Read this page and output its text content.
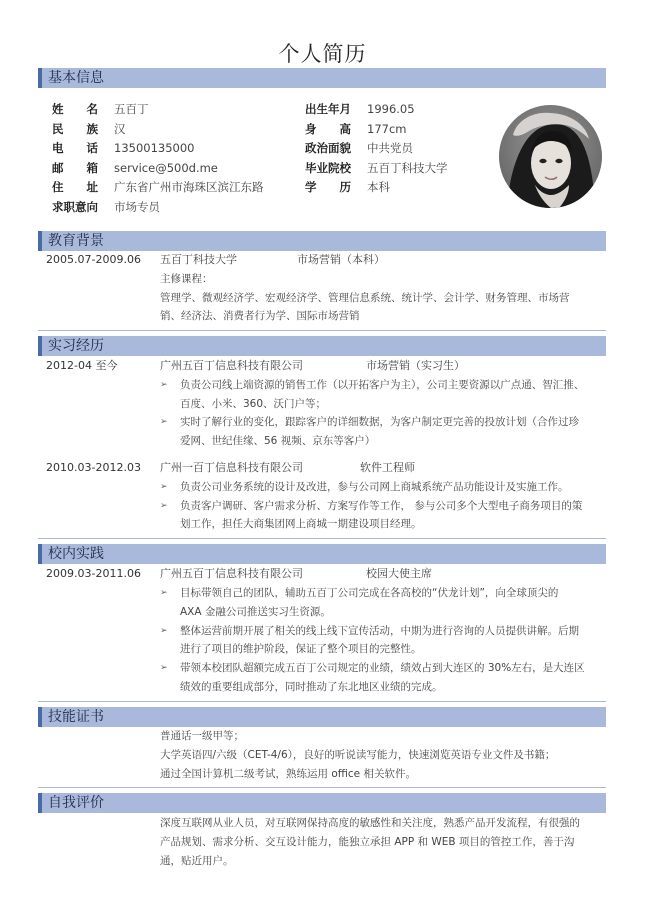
个人简历
基本信息
姓　　名 五百丁
民　　族 汉
电　　话 13500135000
邮　　箱 service@500d.me
住　　址 广东省广州市海珠区滨江东路
求职意向 市场专员
出生年月 1996.05
身　　高 177cm
政治面貌 中共党员
毕业院校 五百丁科技大学
学　　历 本科
教育背景
2005.07-2009.06 五百丁科技大学	市场营销（本科）
主修课程：
管理学、微观经济学、宏观经济学、管理信息系统、统计学、会计学、财务管理、市场营
销、经济法、消费者行为学、国际市场营销
实习经历
2012-04 至今	广州五百丁信息科技有限公司	市场营销（实习生）
➢ 负责公司线上端资源的销售工作（以开拓客户为主），公司主要资源以广点通、智汇推、
百度、小米、360、沃门户等；
➢ 实时了解行业的变化，跟踪客户的详细数据，为客户制定更完善的投放计划（合作过珍
爱网、世纪佳缘、56 视频、京东等客户）
2010.03-2012.03 广州一百丁信息科技有限公司	软件工程师
➢ 负责公司业务系统的设计及改进，参与公司网上商城系统产品功能设计及实施工作。
➢ 负责客户调研、客户需求分析、方案写作等工作， 参与公司多个大型电子商务项目的策
划工作，担任大商集团网上商城一期建设项目经理。
校内实践
2009.03-2011.06 广州五百丁信息科技有限公司	校园大使主席
➢ 目标带领自己的团队，辅助五百丁公司完成在各高校的“伏龙计划”，向全球顶尖的
AXA 金融公司推送实习生资源。
➢ 整体运营前期开展了相关的线上线下宣传活动，中期为进行咨询的人员提供讲解。后期
进行了项目的维护阶段，保证了整个项目的完整性。
➢ 带领本校团队超额完成五百丁公司规定的业绩，绩效占到大连区的 30%左右，是大连区
绩效的重要组成部分，同时推动了东北地区业绩的完成。
技能证书
普通话一级甲等；
大学英语四/六级（CET-4/6），良好的听说读写能力，快速浏览英语专业文件及书籍；
通过全国计算机二级考试，熟练运用 office 相关软件。
自我评价
深度互联网从业人员，对互联网保持高度的敏感性和关注度，熟悉产品开发流程，有很强的
产品规划、需求分析、交互设计能力，能独立承担 APP 和 WEB 项目的管控工作，善于沟
通，贴近用户。
